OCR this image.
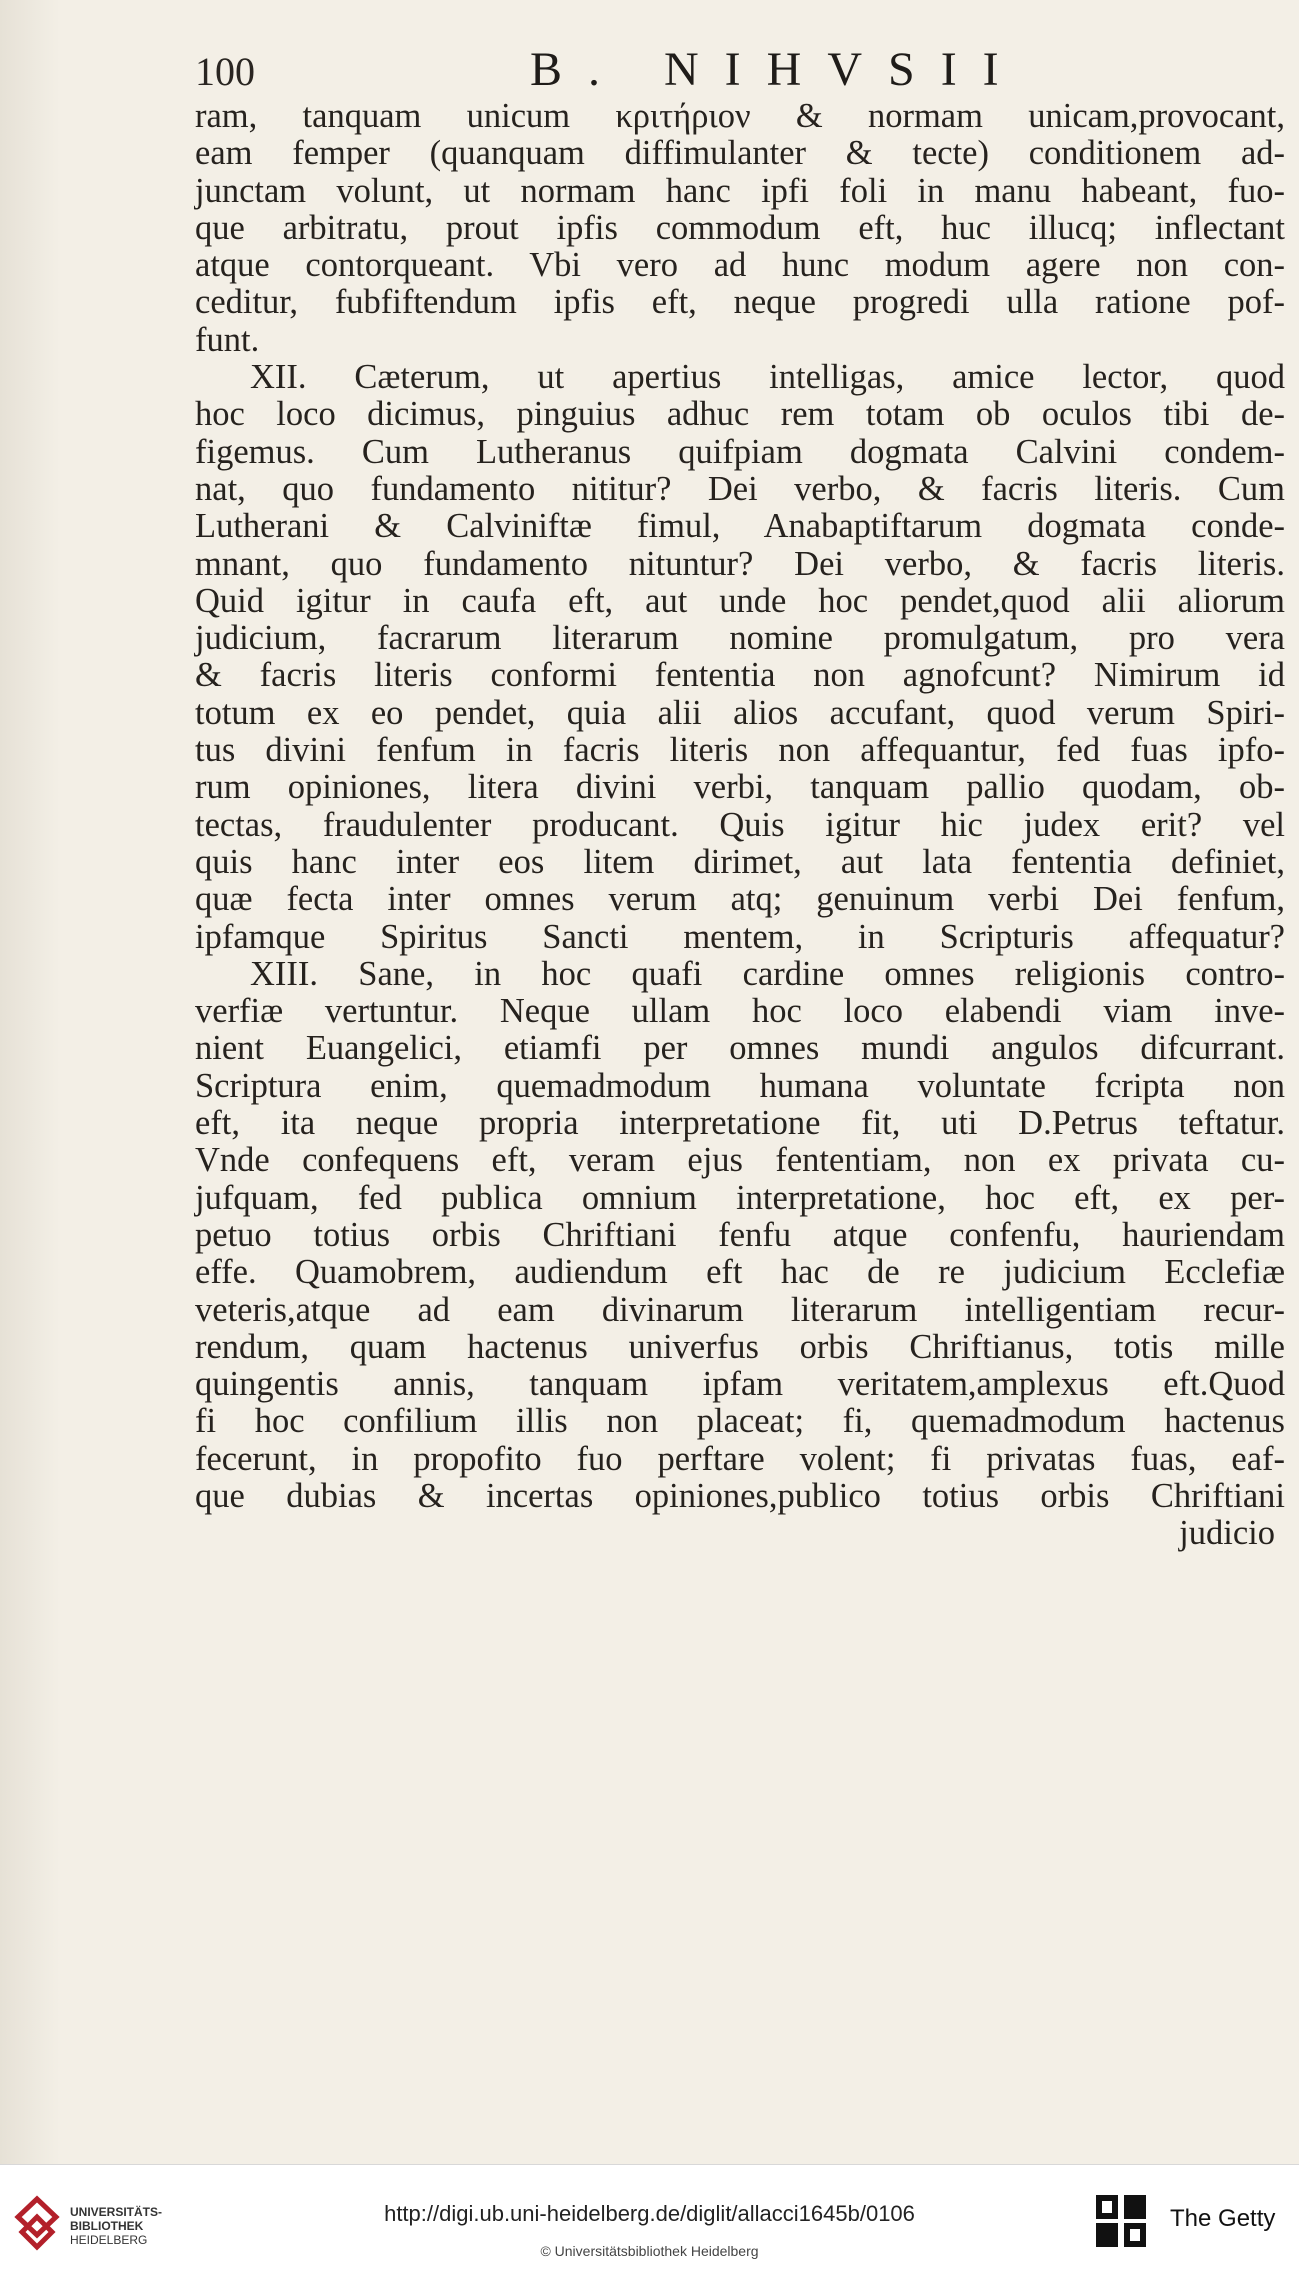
100	B. NIHVSII
ram, tanquam unicum κριτήριον & normam unicam,provocant,
eam femper (quanquam diffimulanter & tecte) conditionem ad-
junctam volunt, ut normam hanc ipfi foli in manu habeant, fuo-
que arbitratu, prout ipfis commodum eft, huc illucq; inflectant
atque contorqueant. Vbi vero ad hunc modum agere non con-
ceditur, fubfiftendum ipfis eft, neque progredi ulla ratione pof-
funt.
XII. Cæterum, ut apertius intelligas, amice lector, quod
hoc loco dicimus, pinguius adhuc rem totam ob oculos tibi de-
figemus. Cum Lutheranus quifpiam dogmata Calvini condem-
nat, quo fundamento nititur? Dei verbo, & facris literis. Cum
Lutherani & Calviniftæ fimul, Anabaptiftarum dogmata conde-
mnant, quo fundamento nituntur? Dei verbo, & facris literis.
Quid igitur in caufa eft, aut unde hoc pendet,quod alii aliorum
judicium, facrarum literarum nomine promulgatum, pro vera
& facris literis conformi fententia non agnofcunt? Nimirum id
totum ex eo pendet, quia alii alios accufant, quod verum Spiri-
tus divini fenfum in facris literis non affequantur, fed fuas ipfo-
rum opiniones, litera divini verbi, tanquam pallio quodam, ob-
tectas, fraudulenter producant. Quis igitur hic judex erit? vel
quis hanc inter eos litem dirimet, aut lata fententia definiet,
quæ fecta inter omnes verum atq; genuinum verbi Dei fenfum,
ipfamque Spiritus Sancti mentem, in Scripturis affequatur?
XIII. Sane, in hoc quafi cardine omnes religionis contro-
verfiæ vertuntur. Neque ullam hoc loco elabendi viam inve-
nient Euangelici, etiamfi per omnes mundi angulos difcurrant.
Scriptura enim, quemadmodum humana voluntate fcripta non
eft, ita neque propria interpretatione fit, uti D.Petrus teftatur.
Vnde confequens eft, veram ejus fententiam, non ex privata cu-
jufquam, fed publica omnium interpretatione, hoc eft, ex per-
petuo totius orbis Chriftiani fenfu atque confenfu, hauriendam
effe. Quamobrem, audiendum eft hac de re judicium Ecclefiæ
veteris,atque ad eam divinarum literarum intelligentiam recur-
rendum, quam hactenus univerfus orbis Chriftianus, totis mille
quingentis annis, tanquam ipfam veritatem,amplexus eft.Quod
fi hoc confilium illis non placeat; fi, quemadmodum hactenus
fecerunt, in propofito fuo perftare volent; fi privatas fuas, eaf-
que dubias & incertas opiniones,publico totius orbis Chriftiani
judicio
UNIVERSITÄTS-
BIBLIOTHEK
HEIDELBERG
http://digi.ub.uni-heidelberg.de/diglit/allacci1645b/0106
© Universitätsbibliothek Heidelberg
The Getty
